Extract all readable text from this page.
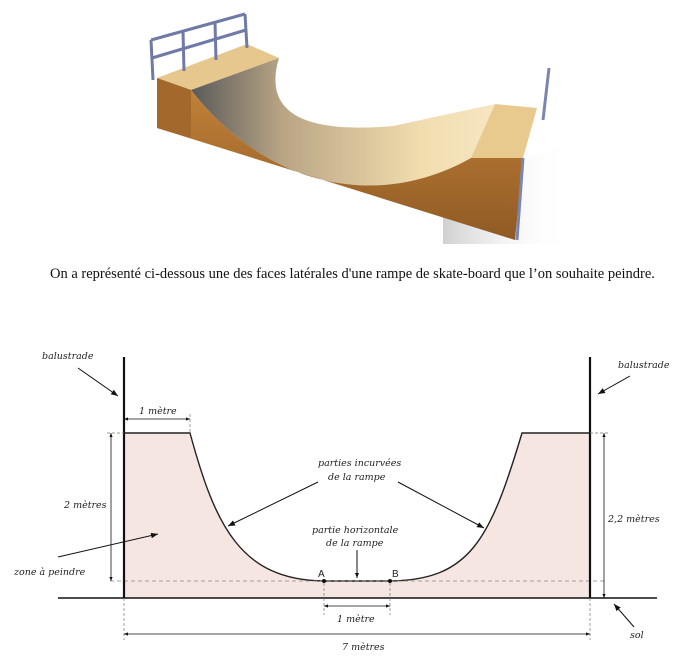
On a représenté ci-dessous une des faces latérales d'une rampe de skate-board que l’on souhaite peindre.

balustrade
balustrade
1 mètre
2 mètres
2,2 mètres
parties incurvées
de la rampe
partie horizontale
de la rampe
zone à peindre	A	B
1 mètre
7 mètres
sol
